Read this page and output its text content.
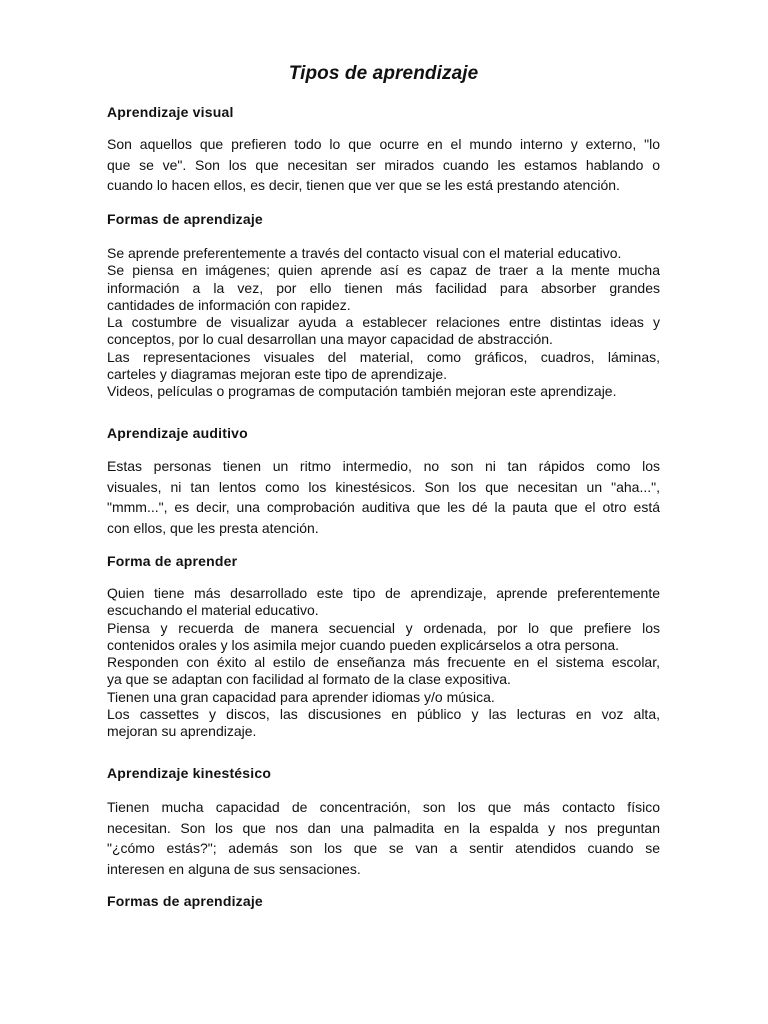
Tipos de aprendizaje
Aprendizaje visual
Son aquellos que prefieren todo lo que ocurre en el mundo interno y externo, "lo
que se ve". Son los que necesitan ser mirados cuando les estamos hablando o
cuando lo hacen ellos, es decir, tienen que ver que se les está prestando atención.
Formas de aprendizaje
Se aprende preferentemente a través del contacto visual con el material educativo.
Se piensa en imágenes; quien aprende así es capaz de traer a la mente mucha
información a la vez, por ello tienen más facilidad para absorber grandes
cantidades de información con rapidez.
La costumbre de visualizar ayuda a establecer relaciones entre distintas ideas y
conceptos, por lo cual desarrollan una mayor capacidad de abstracción.
Las representaciones visuales del material, como gráficos, cuadros, láminas,
carteles y diagramas mejoran este tipo de aprendizaje.
Videos, películas o programas de computación también mejoran este aprendizaje.
Aprendizaje auditivo
Estas personas tienen un ritmo intermedio, no son ni tan rápidos como los
visuales, ni tan lentos como los kinestésicos. Son los que necesitan un "aha...",
"mmm...", es decir, una comprobación auditiva que les dé la pauta que el otro está
con ellos, que les presta atención.
Forma de aprender
Quien tiene más desarrollado este tipo de aprendizaje, aprende preferentemente
escuchando el material educativo.
Piensa y recuerda de manera secuencial y ordenada, por lo que prefiere los
contenidos orales y los asimila mejor cuando pueden explicárselos a otra persona.
Responden con éxito al estilo de enseñanza más frecuente en el sistema escolar,
ya que se adaptan con facilidad al formato de la clase expositiva.
Tienen una gran capacidad para aprender idiomas y/o música.
Los cassettes y discos, las discusiones en público y las lecturas en voz alta,
mejoran su aprendizaje.
Aprendizaje kinestésico
Tienen mucha capacidad de concentración, son los que más contacto físico
necesitan. Son los que nos dan una palmadita en la espalda y nos preguntan
"¿cómo estás?"; además son los que se van a sentir atendidos cuando se
interesen en alguna de sus sensaciones.
Formas de aprendizaje
